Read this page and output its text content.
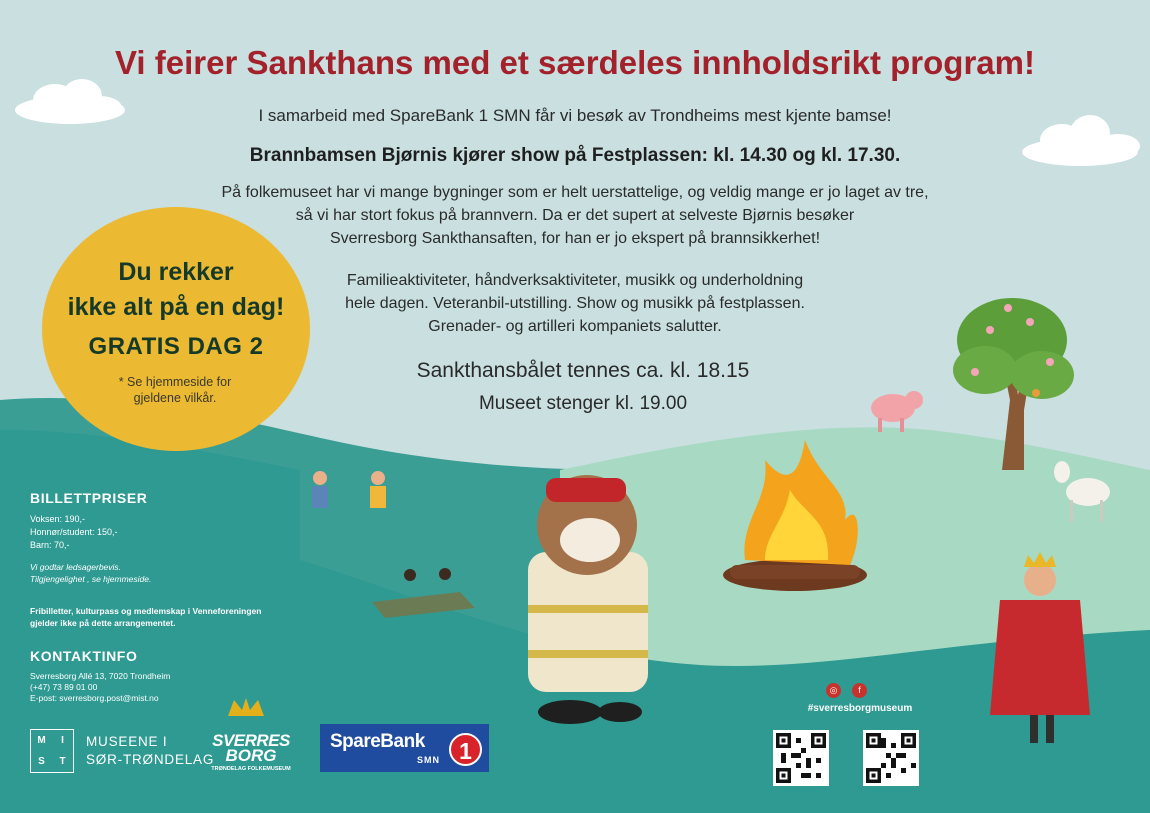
Vi feirer Sankthans med et særdeles innholdsrikt program!
I samarbeid med SpareBank 1 SMN får vi besøk av Trondheims mest kjente bamse!
Brannbamsen Bjørnis kjører show på Festplassen: kl. 14.30 og kl. 17.30.
På folkemuseet har vi mange bygninger som er helt uerstattelige, og veldig mange er jo laget av tre,
så vi har stort fokus på brannvern. Da er det supert at selveste Bjørnis besøker
Sverresborg Sankthansaften, for han er jo ekspert på brannsikkerhet!
Familieaktiviteter, håndverksaktiviteter, musikk og underholdning
hele dagen. Veteranbil-utstilling. Show og musikk på festplassen.
Grenader- og artilleri kompaniets salutter.
Sankthansbålet tennes ca. kl. 18.15
Museet stenger kl. 19.00
Du rekker
ikke alt på en dag!
GRATIS DAG 2
* Se hjemmeside for
gjeldene vilkår.
BILLETTPRISER
Voksen: 190,-
Honnør/student: 150,-
Barn: 70,-
Vi godtar ledsagerbevis.
Tilgjengelighet , se hjemmeside.
Fribilletter, kulturpass og medlemskap i Venneforeningen
gjelder ikke på dette arrangementet.
KONTAKTINFO
Sverresborg Allé 13, 7020 Trondheim
(+47) 73 89 01 00
E-post: sverresborg.post@mist.no
M	I
S	T
MUSEENE I
SØR-TRØNDELAG
SVERRES
BORG
TRØNDELAG FOLKEMUSEUM
SpareBank
SMN 1
◎	f
#sverresborgmuseum
